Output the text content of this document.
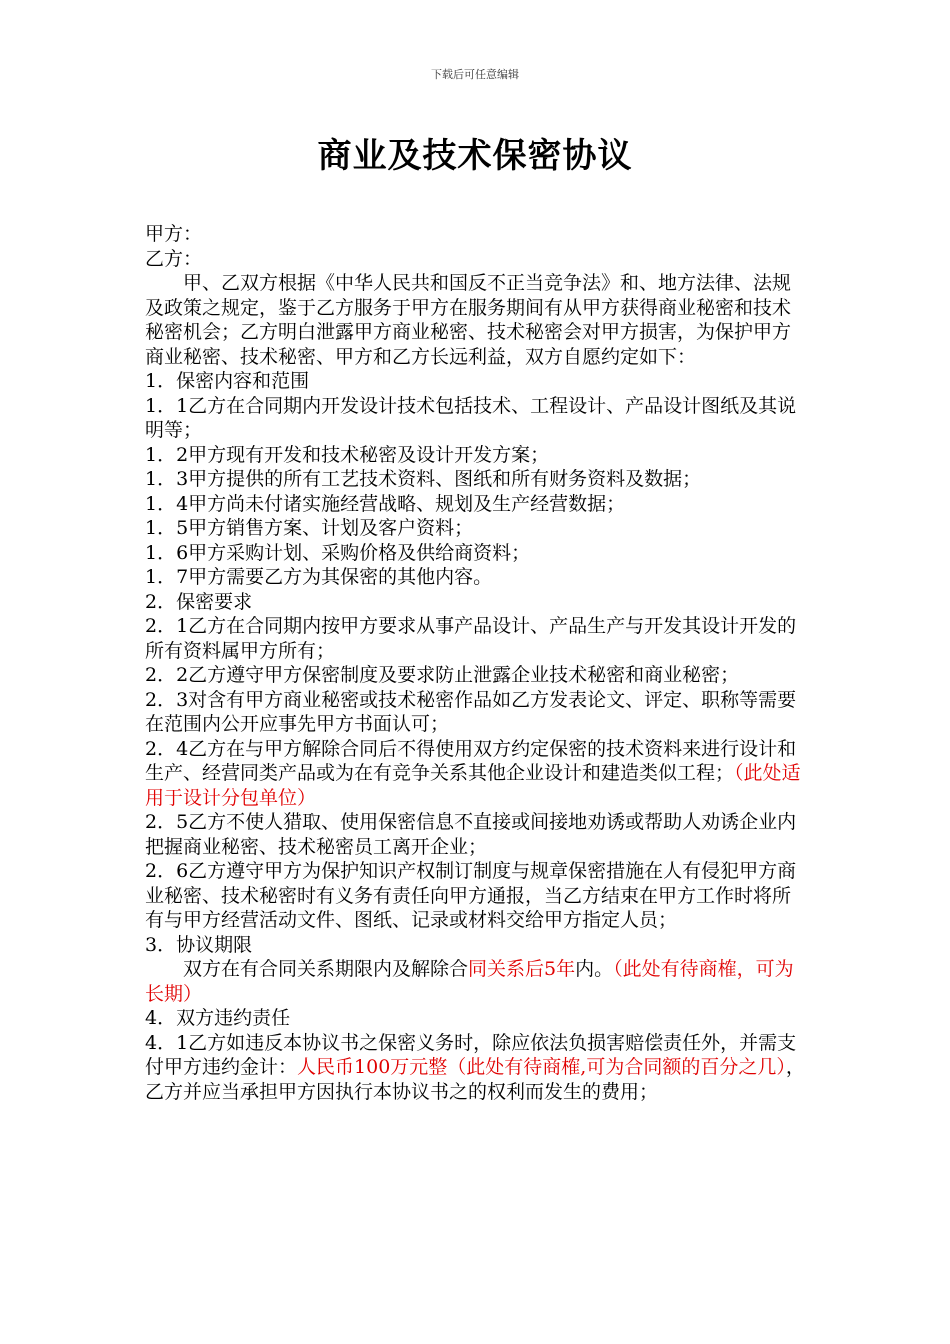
下载后可任意编辑
商业及技术保密协议

甲方：

乙方：

甲、乙双方根据《中华人民共和国反不正当竞争法》和、地方法律、法规及政策之规定，鉴于乙方服务于甲方在服务期间有从甲方获得商业秘密和技术秘密机会；乙方明白泄露甲方商业秘密、技术秘密会对甲方损害，为保护甲方商业秘密、技术秘密、甲方和乙方长远利益，双方自愿约定如下：

1．保密内容和范围

1．1乙方在合同期内开发设计技术包括技术、工程设计、产品设计图纸及其说明等；

1．2甲方现有开发和技术秘密及设计开发方案；

1．3甲方提供的所有工艺技术资料、图纸和所有财务资料及数据；

1．4甲方尚未付诸实施经营战略、规划及生产经营数据；

1．5甲方销售方案、计划及客户资料；

1．6甲方采购计划、采购价格及供给商资料；

1．7甲方需要乙方为其保密的其他内容。

2．保密要求

2．1乙方在合同期内按甲方要求从事产品设计、产品生产与开发其设计开发的所有资料属甲方所有；

2．2乙方遵守甲方保密制度及要求防止泄露企业技术秘密和商业秘密；

2．3对含有甲方商业秘密或技术秘密作品如乙方发表论文、评定、职称等需要在范围内公开应事先甲方书面认可；

2．4乙方在与甲方解除合同后不得使用双方约定保密的技术资料来进行设计和生产、经营同类产品或为在有竞争关系其他企业设计和建造类似工程；（此处适用于设计分包单位）

2．5乙方不使人猎取、使用保密信息不直接或间接地劝诱或帮助人劝诱企业内把握商业秘密、技术秘密员工离开企业；

2．6乙方遵守甲方为保护知识产权制订制度与规章保密措施在人有侵犯甲方商业秘密、技术秘密时有义务有责任向甲方通报，当乙方结束在甲方工作时将所有与甲方经营活动文件、图纸、记录或材料交给甲方指定人员；

3．协议期限

双方在有合同关系期限内及解除合同关系后5年内。（此处有待商榷，可为长期）

4．双方违约责任

4．1乙方如违反本协议书之保密义务时，除应依法负损害赔偿责任外，并需支付甲方违约金计：人民币100万元整（此处有待商榷,可为合同额的百分之几），乙方并应当承担甲方因执行本协议书之的权利而发生的费用；
